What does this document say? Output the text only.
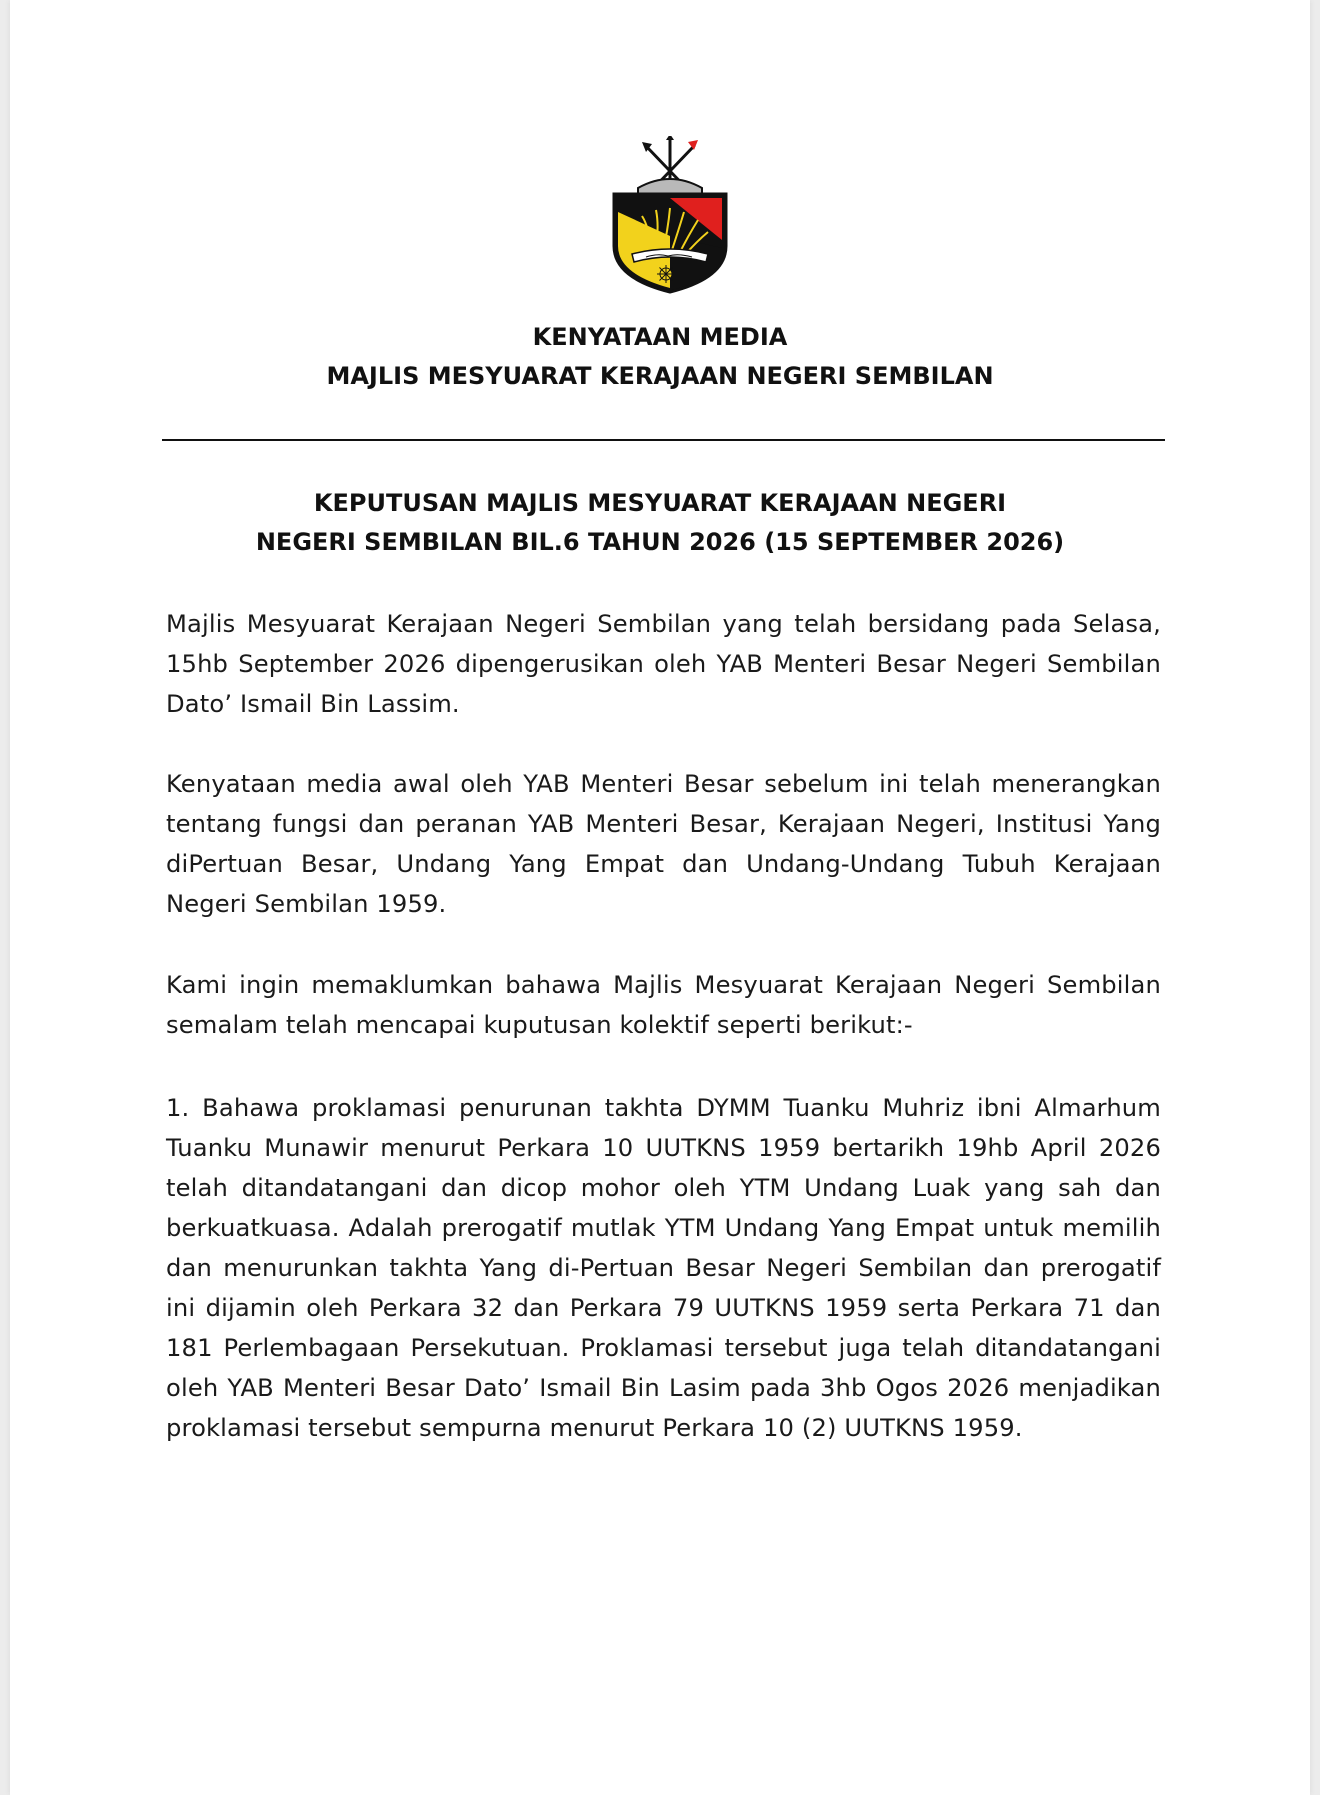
KENYATAAN MEDIA
MAJLIS MESYUARAT KERAJAAN NEGERI SEMBILAN
KEPUTUSAN MAJLIS MESYUARAT KERAJAAN NEGERI
NEGERI SEMBILAN BIL.6 TAHUN 2026 (15 SEPTEMBER 2026)

Majlis Mesyuarat Kerajaan Negeri Sembilan yang telah bersidang pada Selasa, 15hb September 2026 dipengerusikan oleh YAB Menteri Besar Negeri Sembilan Dato’ Ismail Bin Lassim.

Kenyataan media awal oleh YAB Menteri Besar sebelum ini telah menerangkan tentang fungsi dan peranan YAB Menteri Besar, Kerajaan Negeri, Institusi Yang diPertuan Besar, Undang Yang Empat dan Undang-Undang Tubuh Kerajaan Negeri Sembilan 1959.

Kami ingin memaklumkan bahawa Majlis Mesyuarat Kerajaan Negeri Sembilan semalam telah mencapai kuputusan kolektif seperti berikut:-

1. Bahawa proklamasi penurunan takhta DYMM Tuanku Muhriz ibni Almarhum Tuanku Munawir menurut Perkara 10 UUTKNS 1959 bertarikh 19hb April 2026 telah ditandatangani dan dicop mohor oleh YTM Undang Luak yang sah dan berkuatkuasa. Adalah prerogatif mutlak YTM Undang Yang Empat untuk memilih dan menurunkan takhta Yang di-Pertuan Besar Negeri Sembilan dan prerogatif ini dijamin oleh Perkara 32 dan Perkara 79 UUTKNS 1959 serta Perkara 71 dan 181 Perlembagaan Persekutuan. Proklamasi tersebut juga telah ditandatangani oleh YAB Menteri Besar Dato’ Ismail Bin Lasim pada 3hb Ogos 2026 menjadikan proklamasi tersebut sempurna menurut Perkara 10 (2) UUTKNS 1959.
